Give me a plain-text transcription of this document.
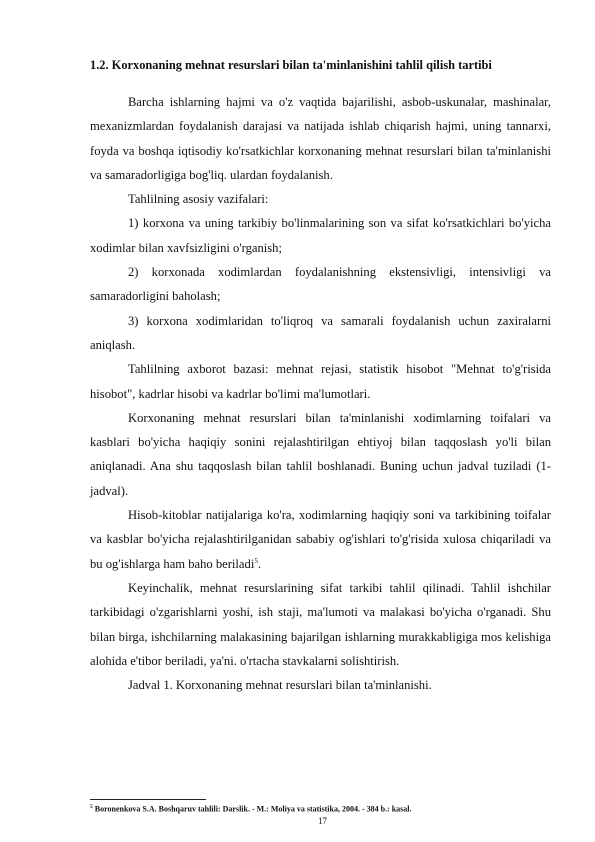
1.2. Korxonaning mehnat resurslari bilan ta'minlanishini tahlil qilish tartibi

Barcha ishlarning hajmi va o'z vaqtida bajarilishi, asbob-uskunalar, mashinalar, mexanizmlardan foydalanish darajasi va natijada ishlab chiqarish hajmi, uning tannarxi, foyda va boshqa iqtisodiy ko'rsatkichlar korxonaning mehnat resurslari bilan ta'minlanishi va samaradorligiga bog'liq. ulardan foydalanish.

Tahlilning asosiy vazifalari:

1) korxona va uning tarkibiy bo'linmalarining son va sifat ko'rsatkichlari bo'yicha xodimlar bilan xavfsizligini o'rganish;

2) korxonada xodimlardan foydalanishning ekstensivligi, intensivligi va samaradorligini baholash;

3) korxona xodimlaridan to'liqroq va samarali foydalanish uchun zaxiralarni aniqlash.

Tahlilning axborot bazasi: mehnat rejasi, statistik hisobot "Mehnat to'g'risida hisobot", kadrlar hisobi va kadrlar bo'limi ma'lumotlari.

Korxonaning mehnat resurslari bilan ta'minlanishi xodimlarning toifalari va kasblari bo'yicha haqiqiy sonini rejalashtirilgan ehtiyoj bilan taqqoslash yo'li bilan aniqlanadi. Ana shu taqqoslash bilan tahlil boshlanadi. Buning uchun jadval tuziladi (1-jadval).

Hisob-kitoblar natijalariga ko'ra, xodimlarning haqiqiy soni va tarkibining toifalar va kasblar bo'yicha rejalashtirilganidan sababiy og'ishlari to'g'risida xulosa chiqariladi va bu og'ishlarga ham baho beriladi$^5$.

Keyinchalik, mehnat resurslarining sifat tarkibi tahlil qilinadi. Tahlil ishchilar tarkibidagi o'zgarishlarni yoshi, ish staji, ma'lumoti va malakasi bo'yicha o'rganadi. Shu bilan birga, ishchilarning malakasining bajarilgan ishlarning murakkabligiga mos kelishiga alohida e'tibor beriladi, ya'ni. o'rtacha stavkalarni solishtirish.

Jadval 1. Korxonaning mehnat resurslari bilan ta'minlanishi.

$^5$ Boronenkova S.A. Boshqaruv tahlili: Darslik. - M.: Moliya va statistika, 2004. - 384 b.: kasal.
17
